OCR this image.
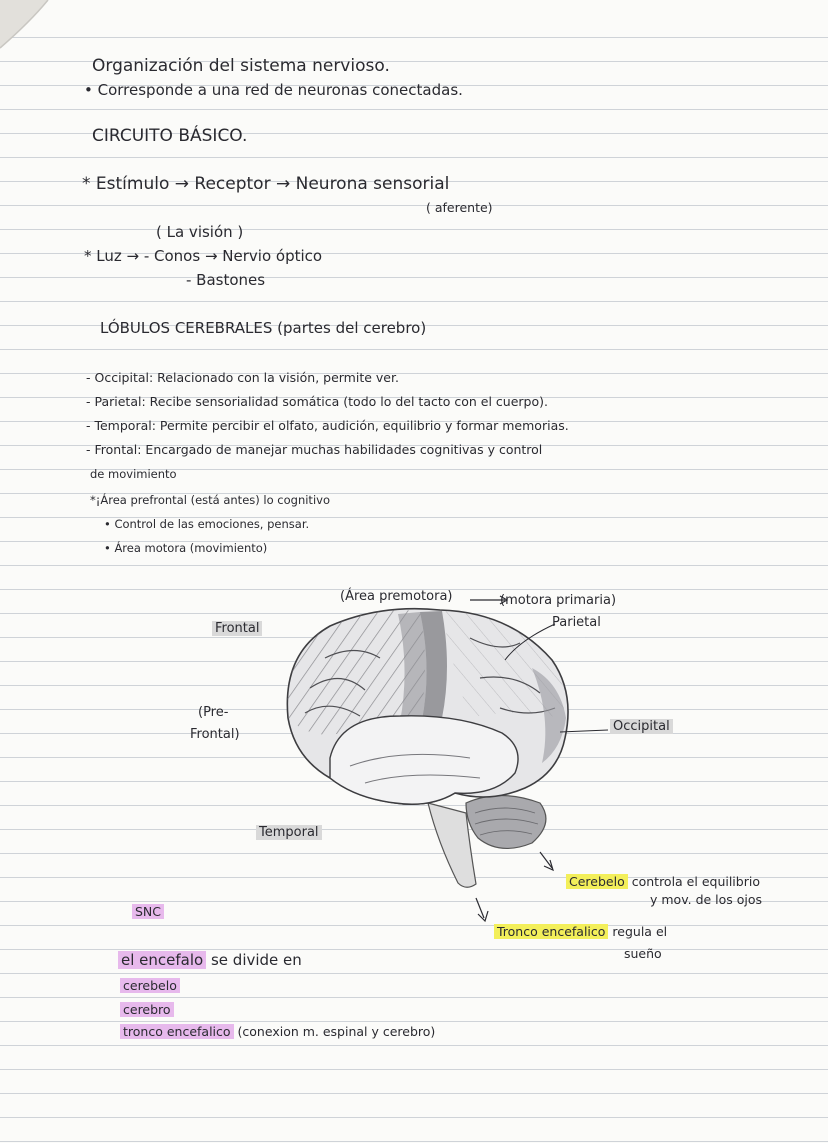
Organización del sistema nervioso.
• Corresponde a una red de neuronas conectadas.
CIRCUITO BÁSICO.
* Estímulo → Receptor → Neurona sensorial
( aferente)
( La visión )
* Luz → - Conos → Nervio óptico
- Bastones
LÓBULOS CEREBRALES (partes del cerebro)
- Occipital: Relacionado con la visión, permite ver.
- Parietal: Recibe sensorialidad somática (todo lo del tacto con el cuerpo).
- Temporal: Permite percibir el olfato, audición, equilibrio y formar memorias.
- Frontal: Encargado de manejar muchas habilidades cognitivas y control
de movimiento
*¡Área prefrontal (está antes) lo cognitivo
• Control de las emociones, pensar.
• Área motora (movimiento)
(Área premotora)	(motora primaria)
Parietal
Frontal
(Pre-
Frontal)
Occipital
Temporal
Cerebelo controla el equilibrio
y mov. de los ojos
Tronco encefalico regula el
sueño
SNC
el encefalo se divide en
cerebelo
cerebro
tronco encefalico (conexion m. espinal y cerebro)
